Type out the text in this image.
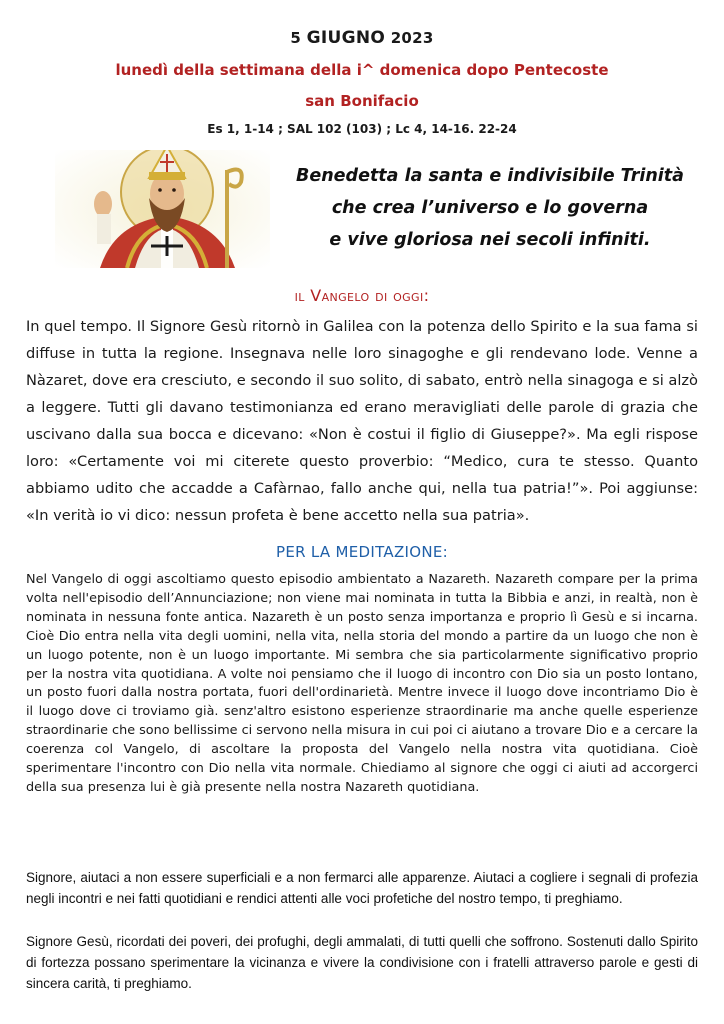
5 GIUGNO 2023
lunedì della settimana della i^ domenica dopo Pentecoste
san Bonifacio
Es 1, 1-14 ; SAL 102 (103) ; Lc 4, 14-16. 22-24
Benedetta la santa e indivisibile Trinità
che crea l’universo e lo governa
e vive gloriosa nei secoli infiniti.
il Vangelo di oggi:
In quel tempo. Il Signore Gesù ritornò in Galilea con la potenza dello Spirito e la sua fama si diffuse in tutta la regione. Insegnava nelle loro sinagoghe e gli rendevano lode. Venne a Nàzaret, dove era cresciuto, e secondo il suo solito, di sabato, entrò nella sinagoga e si alzò a leggere. Tutti gli davano testimonianza ed erano meravigliati delle parole di grazia che uscivano dalla sua bocca e dicevano: «Non è costui il figlio di Giuseppe?». Ma egli rispose loro: «Certamente voi mi citerete questo proverbio: “Medico, cura te stesso. Quanto abbiamo udito che accadde a Cafàrnao, fallo anche qui, nella tua patria!”». Poi aggiunse: «In verità io vi dico: nessun profeta è bene accetto nella sua patria».
PER LA MEDITAZIONE:
Nel Vangelo di oggi ascoltiamo questo episodio ambientato a Nazareth. Nazareth compare per la prima volta nell'episodio dell’Annunciazione; non viene mai nominata in tutta la Bibbia e anzi, in realtà, non è nominata in nessuna fonte antica. Nazareth è un posto senza importanza e proprio lì Gesù e si incarna. Cioè Dio entra nella vita degli uomini, nella vita, nella storia del mondo a partire da un luogo che non è un luogo potente, non è un luogo importante. Mi sembra che sia particolarmente significativo proprio per la nostra vita quotidiana. A volte noi pensiamo che il luogo di incontro con Dio sia un posto lontano, un posto fuori dalla nostra portata, fuori dell'ordinarietà. Mentre invece il luogo dove incontriamo Dio è il luogo dove ci troviamo già. senz'altro esistono esperienze straordinarie ma anche quelle esperienze straordinarie che sono bellissime ci servono nella misura in cui poi ci aiutano a trovare Dio e a cercare la coerenza col Vangelo, di ascoltare la proposta del Vangelo nella nostra vita quotidiana. Cioè sperimentare l'incontro con Dio nella vita normale. Chiediamo al signore che oggi ci aiuti ad accorgerci della sua presenza lui è già presente nella nostra Nazareth quotidiana.
Signore, aiutaci a non essere superficiali e a non fermarci alle apparenze. Aiutaci a cogliere i segnali di profezia negli incontri e nei fatti quotidiani e rendici attenti alle voci profetiche del nostro tempo, ti preghiamo.
Signore Gesù, ricordati dei poveri, dei profughi, degli ammalati, di tutti quelli che soffrono. Sostenuti dallo Spirito di fortezza possano sperimentare la vicinanza e vivere la condivisione con i fratelli attraverso parole e gesti di sincera carità, ti preghiamo.
